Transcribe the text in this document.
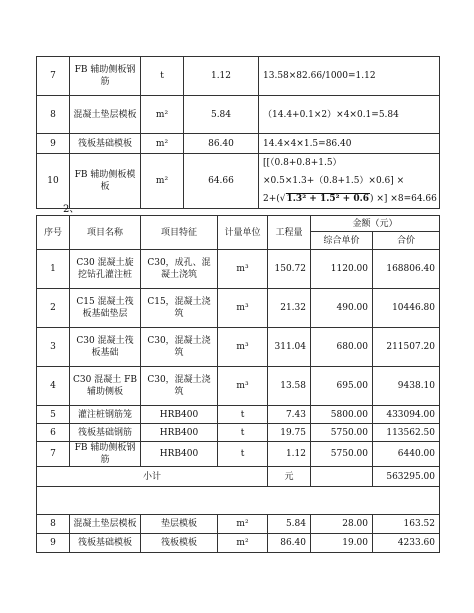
7	FB 辅助侧板钢筋	t	1.12	13.58×82.66/1000=1.12
8	混凝土垫层模板	m²	5.84	（14.4+0.1×2）×4×0.1=5.84
9	筏板基础模板	m²	86.40	14.4×4×1.5=86.40
10	FB 辅助侧板模板	m²	64.66	[[（0.8+0.8+1.5）×0.5×1.3+（0.8+1.5）×0.6] ×
2+(√1.3² + 1.5² + 0.6) ×] ×8=64.66
2、
序号	项目名称	项目特征	计量单位	工程量	金额（元）	
					综合单价	合价
1	C30 混凝土旋挖钻孔灌注桩	C30，成孔、混凝土浇筑	m³	150.72	1120.00	168806.40
2	C15 混凝土筏板基础垫层	C15，混凝土浇筑	m³	21.32	490.00	10446.80
3	C30 混凝土筏板基础	C30，混凝土浇筑	m³	311.04	680.00	211507.20
4	C30 混凝土 FB 辅助侧板	C30，混凝土浇筑	m³	13.58	695.00	9438.10
5	灌注桩钢筋笼	HRB400	t	7.43	5800.00	433094.00
6	筏板基础钢筋	HRB400	t	19.75	5750.00	113562.50
7	FB 辅助侧板钢筋	HRB400	t	1.12	5750.00	6440.00
小计				元		563295.00

8	混凝土垫层模板	垫层模板	m²	5.84	28.00	163.52
9	筏板基础模板	筏板模板	m²	86.40	19.00	4233.60
